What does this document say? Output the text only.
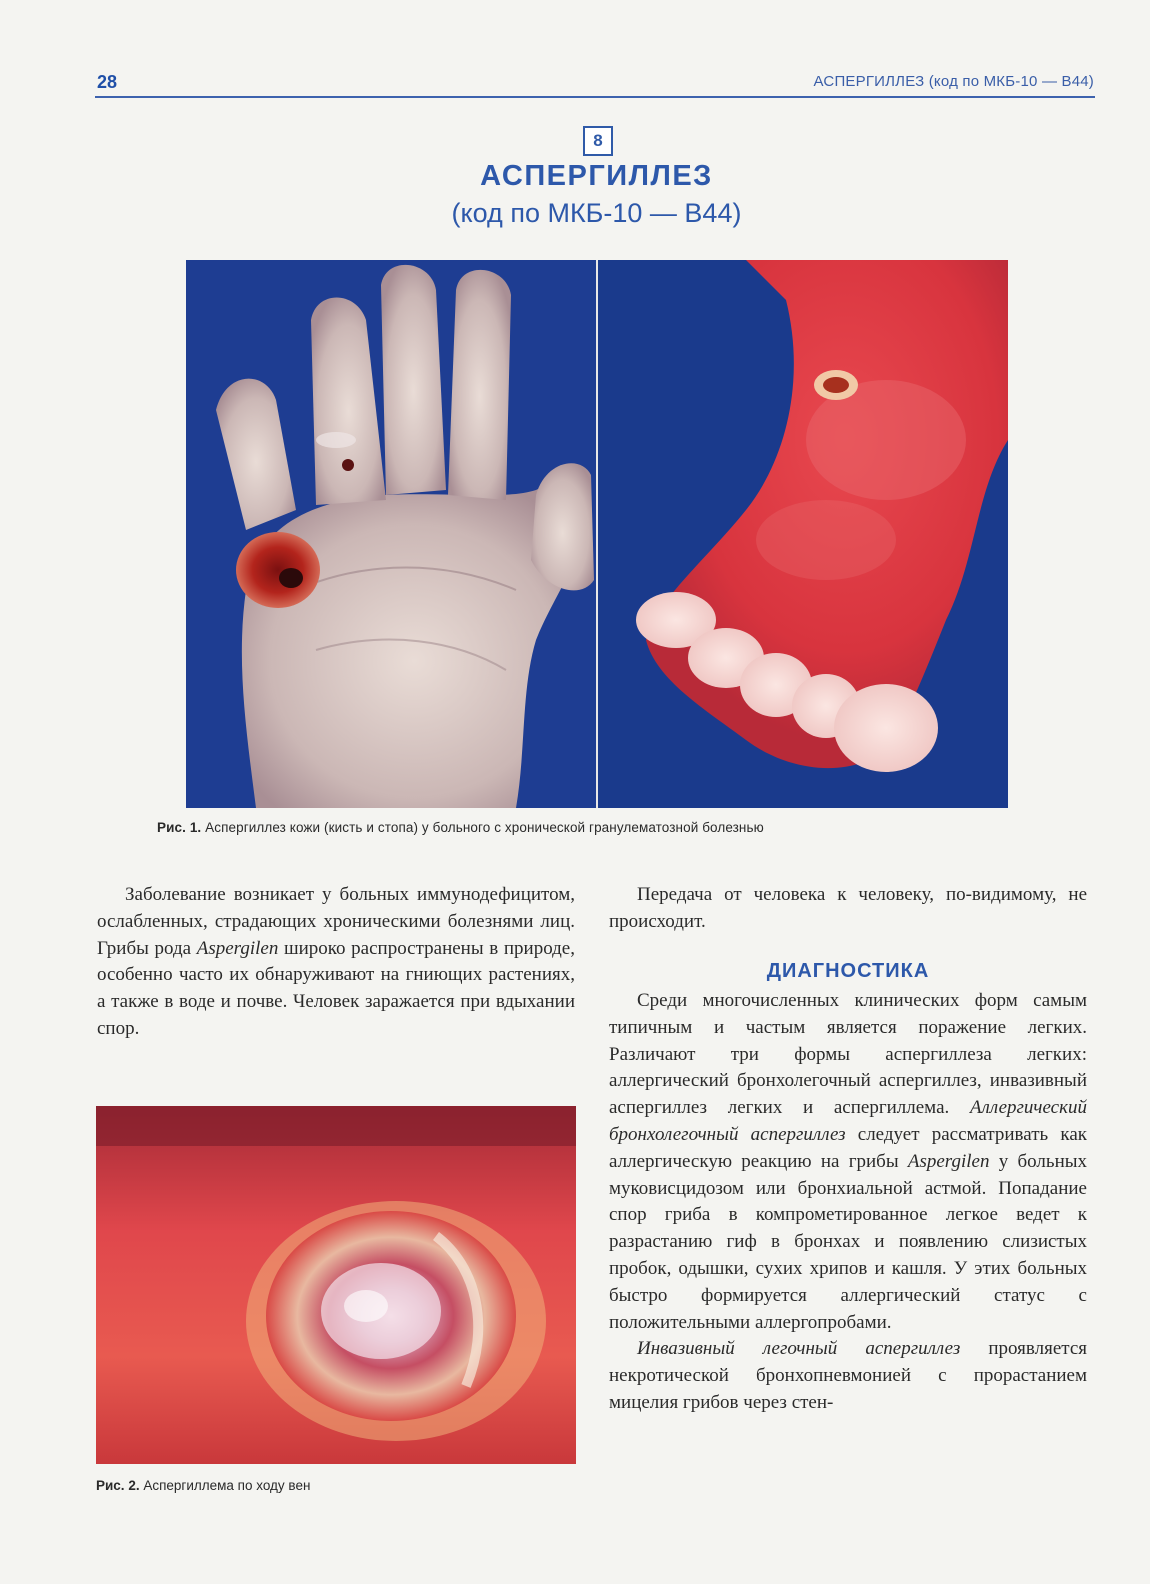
28	АСПЕРГИЛЛЕЗ (код по МКБ-10 — В44)
8
АСПЕРГИЛЛЕЗ
(код по МКБ-10 — В44)
Рис. 1. Аспергиллез кожи (кисть и стопа) у больного с хронической гранулематозной болезнью

Заболевание возникает у больных иммунодефицитом, ослабленных, страдающих хроническими болезнями лиц. Грибы рода Aspergilen широко распространены в природе, особенно часто их обнаруживают на гниющих растениях, а также в воде и почве. Человек заражается при вдыхании спор.

Передача от человека к человеку, по-видимому, не происходит.

ДИАГНОСТИКА

Среди многочисленных клинических форм самым типичным и частым является поражение легких. Различают три формы аспергиллеза легких: аллергический бронхолегочный аспергиллез, инвазивный аспергиллез легких и аспергиллема. Аллергический бронхолегочный аспергиллез следует рассматривать как аллергическую реакцию на грибы Aspergilen у больных муковисцидозом или бронхиальной астмой. Попадание спор гриба в компрометированное легкое ведет к разрастанию гиф в бронхах и появлению слизистых пробок, одышки, сухих хрипов и кашля. У этих больных быстро формируется аллергический статус с положительными аллергопробами.

Инвазивный легочный аспергиллез проявляется некротической бронхопневмонией с прорастанием мицелия грибов через стен-

Рис. 2. Аспергиллема по ходу вен
